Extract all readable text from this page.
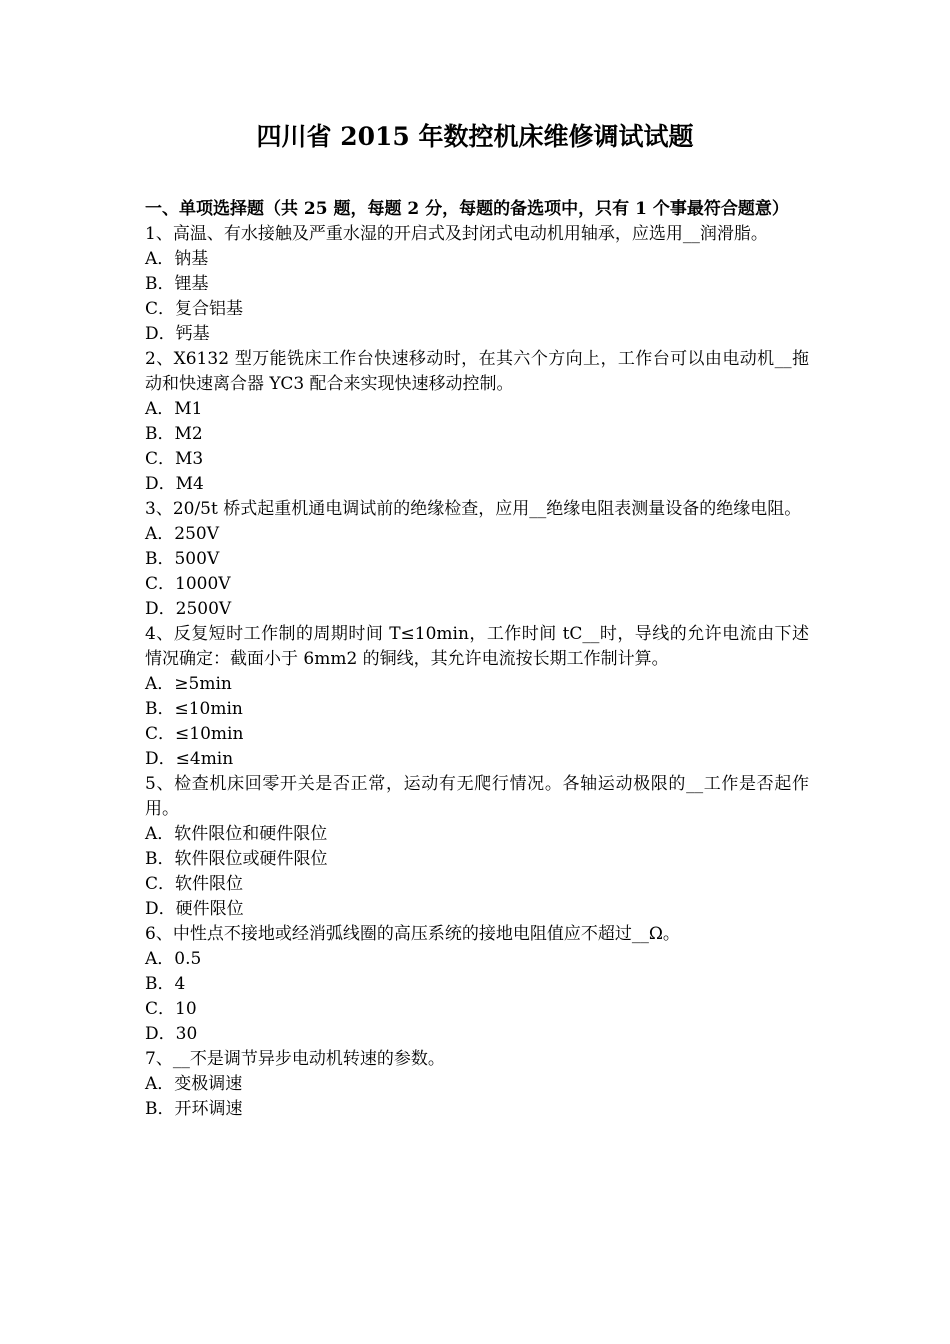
四川省 2015 年数控机床维修调试试题

一、单项选择题（共 25 题，每题 2 分，每题的备选项中，只有 1 个事最符合题意）

1、高温、有水接触及严重水湿的开启式及封闭式电动机用轴承，应选用__润滑脂。

A．钠基

B．锂基

C．复合铝基

D．钙基

2、X6132 型万能铣床工作台快速移动时，在其六个方向上，工作台可以由电动机__拖动和快速离合器 YC3 配合来实现快速移动控制。

A．M1

B．M2

C．M3

D．M4

3、20/5t 桥式起重机通电调试前的绝缘检查，应用__绝缘电阻表测量设备的绝缘电阻。

A．250V

B．500V

C．1000V

D．2500V

4、反复短时工作制的周期时间 T≤10min，工作时间 tC__时，导线的允许电流由下述情况确定：截面小于 6mm2 的铜线，其允许电流按长期工作制计算。

A．≥5min

B．≤10min

C．≤10min

D．≤4min

5、检查机床回零开关是否正常，运动有无爬行情况。各轴运动极限的__工作是否起作用。

A．软件限位和硬件限位

B．软件限位或硬件限位

C．软件限位

D．硬件限位

6、中性点不接地或经消弧线圈的高压系统的接地电阻值应不超过__Ω。

A．0.5

B．4

C．10

D．30

7、__不是调节异步电动机转速的参数。

A．变极调速

B．开环调速
